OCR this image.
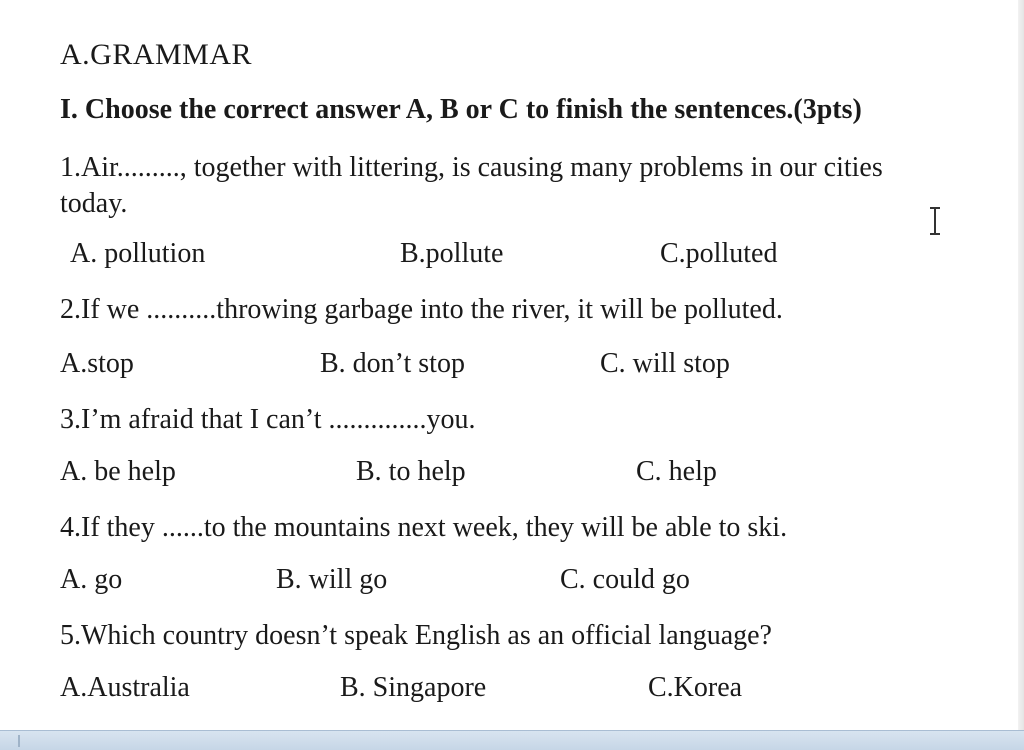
A.GRAMMAR
I. Choose the correct answer A, B or C to finish the sentences.(3pts)
1.Air........., together with littering, is causing many problems in our cities today.
A. pollution	B.pollute	C.polluted
2.If we ..........throwing garbage into the river, it will be polluted.
A.stop	B. don’t stop	C. will stop
3.I’m afraid that I can’t ..............you.
A. be help	B. to help	C. help
4.If they ......to the mountains next week, they will be able to ski.
A. go	B. will go	C. could go
5.Which country doesn’t speak English as an official language?
A.Australia	B. Singapore	C.Korea
